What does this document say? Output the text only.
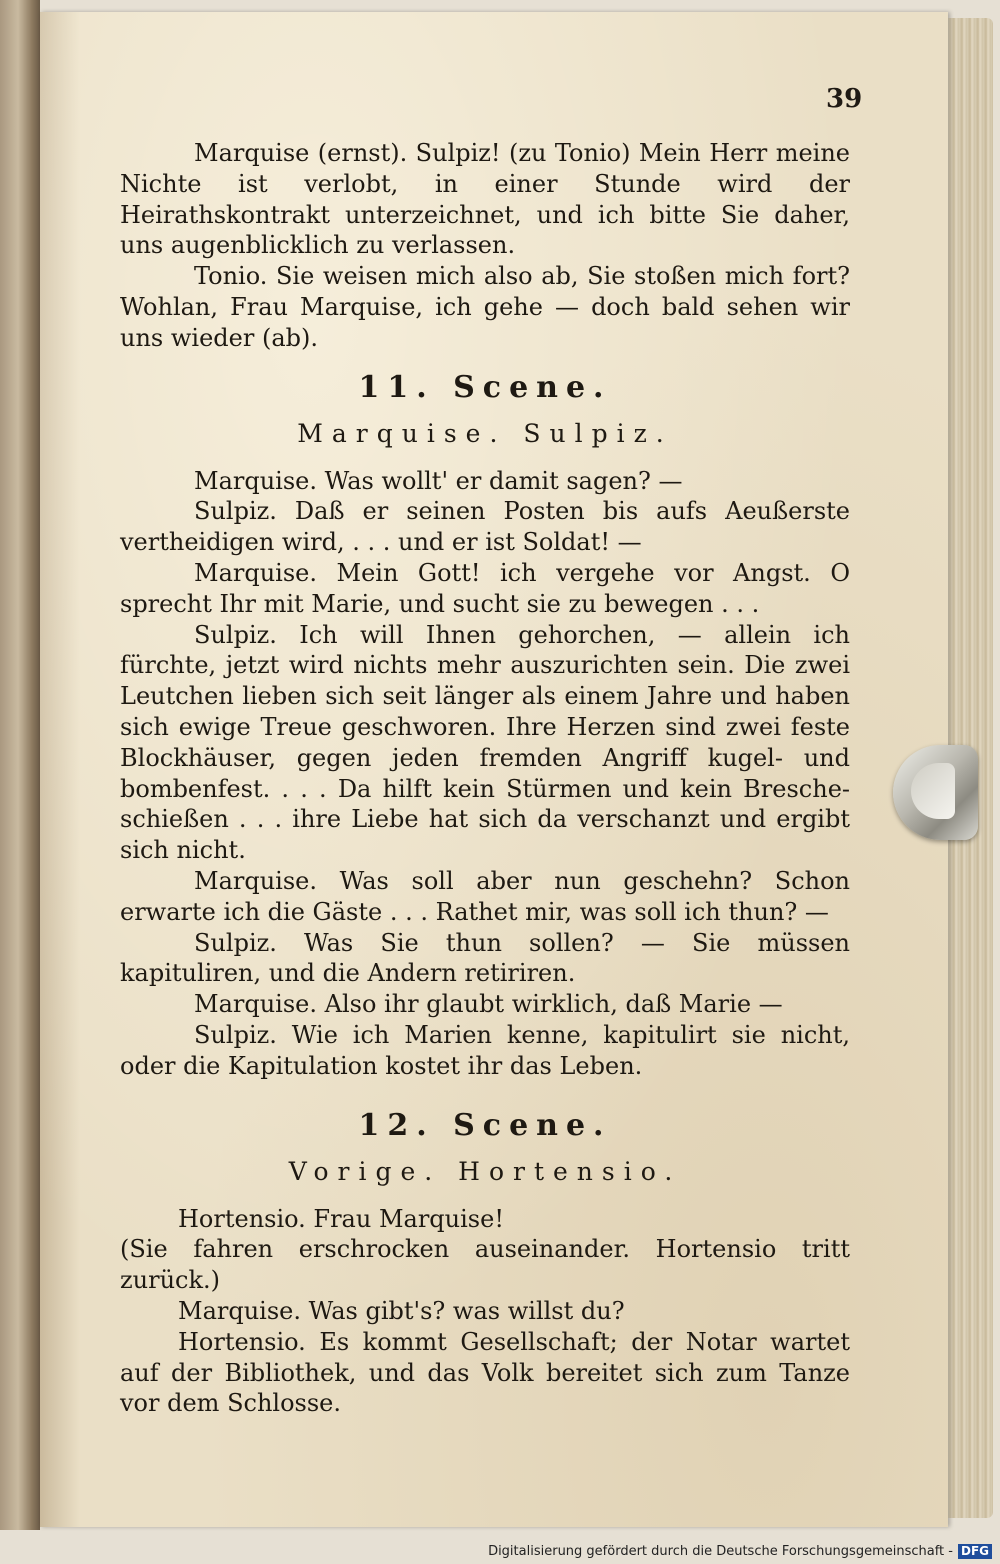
39

Marquise (ernst). Sulpiz! (zu Tonio) Mein Herr meine Nichte ist verlobt, in einer Stunde wird der Heirathskontrakt unterzeichnet, und ich bitte Sie daher, uns augenblicklich zu verlassen.

Tonio. Sie weisen mich also ab, Sie stoßen mich fort? Wohlan, Frau Marquise, ich gehe — doch bald sehen wir uns wieder (ab).

11. Scene.
Marquise. Sulpiz.

Marquise. Was wollt' er damit sagen? —

Sulpiz. Daß er seinen Posten bis aufs Aeußerste vertheidigen wird, . . . und er ist Soldat! —

Marquise. Mein Gott! ich vergehe vor Angst. O sprecht Ihr mit Marie, und sucht sie zu bewegen . . .

Sulpiz. Ich will Ihnen gehorchen, — allein ich fürchte, jetzt wird nichts mehr auszurichten sein. Die zwei Leutchen lieben sich seit länger als einem Jahre und haben sich ewige Treue geschworen. Ihre Herzen sind zwei feste Blockhäuser, gegen jeden fremden Angriff kugel- und bombenfest. . . . Da hilft kein Stürmen und kein Brescheschießen . . . ihre Liebe hat sich da verschanzt und ergibt sich nicht.

Marquise. Was soll aber nun geschehn? Schon erwarte ich die Gäste . . . Rathet mir, was soll ich thun? —

Sulpiz. Was Sie thun sollen? — Sie müssen kapituliren, und die Andern retiriren.

Marquise. Also ihr glaubt wirklich, daß Marie —

Sulpiz. Wie ich Marien kenne, kapitulirt sie nicht, oder die Kapitulation kostet ihr das Leben.

12. Scene.
Vorige. Hortensio.

Hortensio. Frau Marquise!

(Sie fahren erschrocken auseinander. Hortensio tritt zurück.)

Marquise. Was gibt's? was willst du?

Hortensio. Es kommt Gesellschaft; der Notar wartet auf der Bibliothek, und das Volk bereitet sich zum Tanze vor dem Schlosse.

Digitalisierung gefördert durch die Deutsche Forschungsgemeinschaft - DFG
